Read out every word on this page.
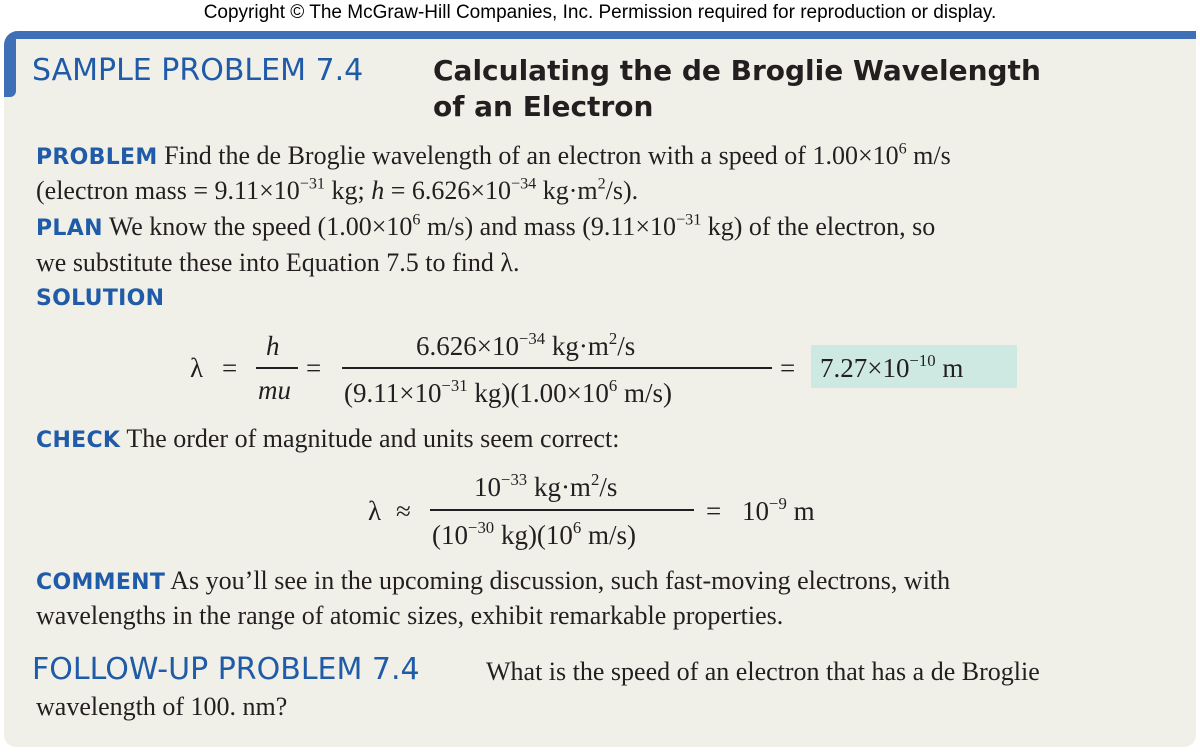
Copyright © The McGraw-Hill Companies, Inc. Permission required for reproduction or display.
SAMPLE PROBLEM 7.4 Calculating the de Broglie Wavelength
of an Electron
PROBLEM Find the de Broglie wavelength of an electron with a speed of $1.00\times 10^6$ m/s
(electron mass = $9.11\times 10^{-31}$ kg; $h = 6.626\times 10^{-34}$ $kg\cdot m^2/s$).
PLAN We know the speed ($1.00\times 10^6$ m/s) and mass ($9.11\times 10^{-31}$ kg) of the electron, so
we substitute these into Equation 7.5 to find λ.
SOLUTION
λ =
h
mu
=
$6.626\times 10^{-34}$ $kg\cdot m^2/s$
($9.11\times 10^{-31}$ $kg)(1.00\times 10^6$ m/s)
= $7.27\times 10^{-10}$ m
CHECK The order of magnitude and units seem correct:
λ ≈
$10^{-33}$ $kg\cdot m^2/s$
($10^{-30}$ $kg)(10^6$ m/s)
= $10^{-9}$ m
COMMENT As you’ll see in the upcoming discussion, such fast-moving electrons, with
wavelengths in the range of atomic sizes, exhibit remarkable properties.
FOLLOW-UP PROBLEM 7.4	What is the speed of an electron that has a de Broglie
wavelength of 100. nm?
